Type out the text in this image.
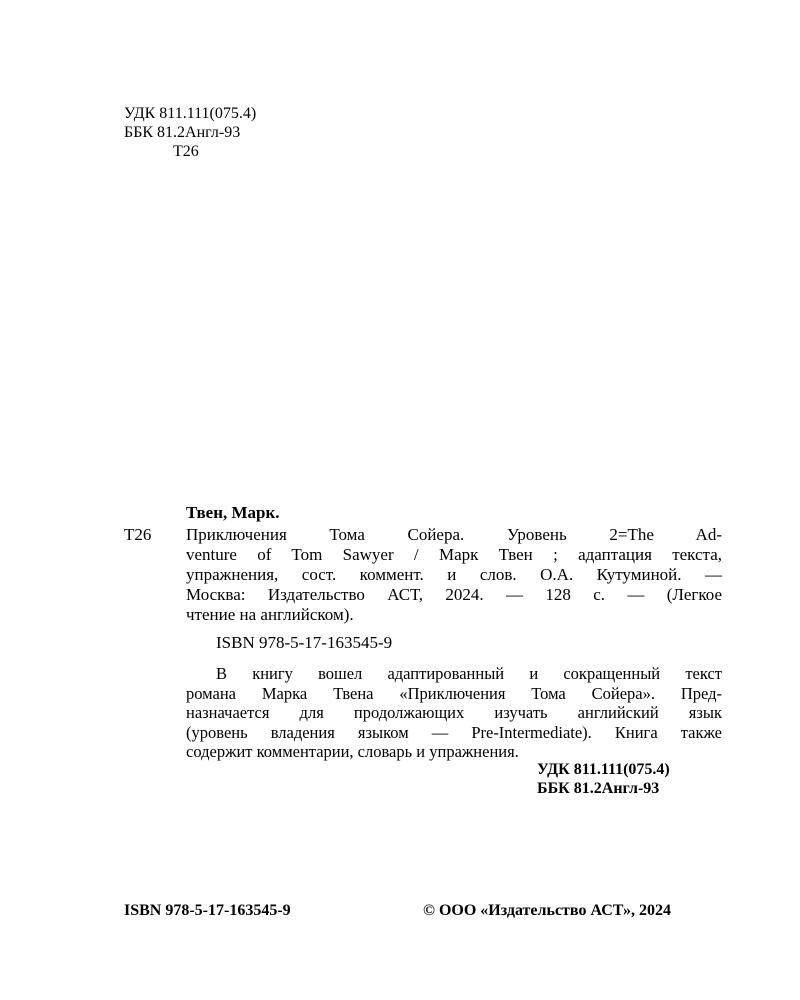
УДК 811.111(075.4)
ББК 81.2Англ-93
Т26
Твен, Марк.
Т26 Приключения Тома Сойера. Уровень 2=The Ad-
venture of Tom Sawyer / Марк Твен ; адаптация текста,
упражнения, сост. коммент. и слов. О.А. Кутуминой. —
Москва: Издательство АСТ, 2024. — 128 с. — (Легкое
чтение на английском).
ISBN 978-5-17-163545-9
В книгу вошел адаптированный и сокращенный текст
романа Марка Твена «Приключения Тома Сойера». Пред-
назначается для продолжающих изучать английский язык
(уровень владения языком — Pre-Intermediate). Книга также
содержит комментарии, словарь и упражнения.
УДК 811.111(075.4)
ББК 81.2Англ-93
ISBN 978-5-17-163545-9	© ООО «Издательство АСТ», 2024
